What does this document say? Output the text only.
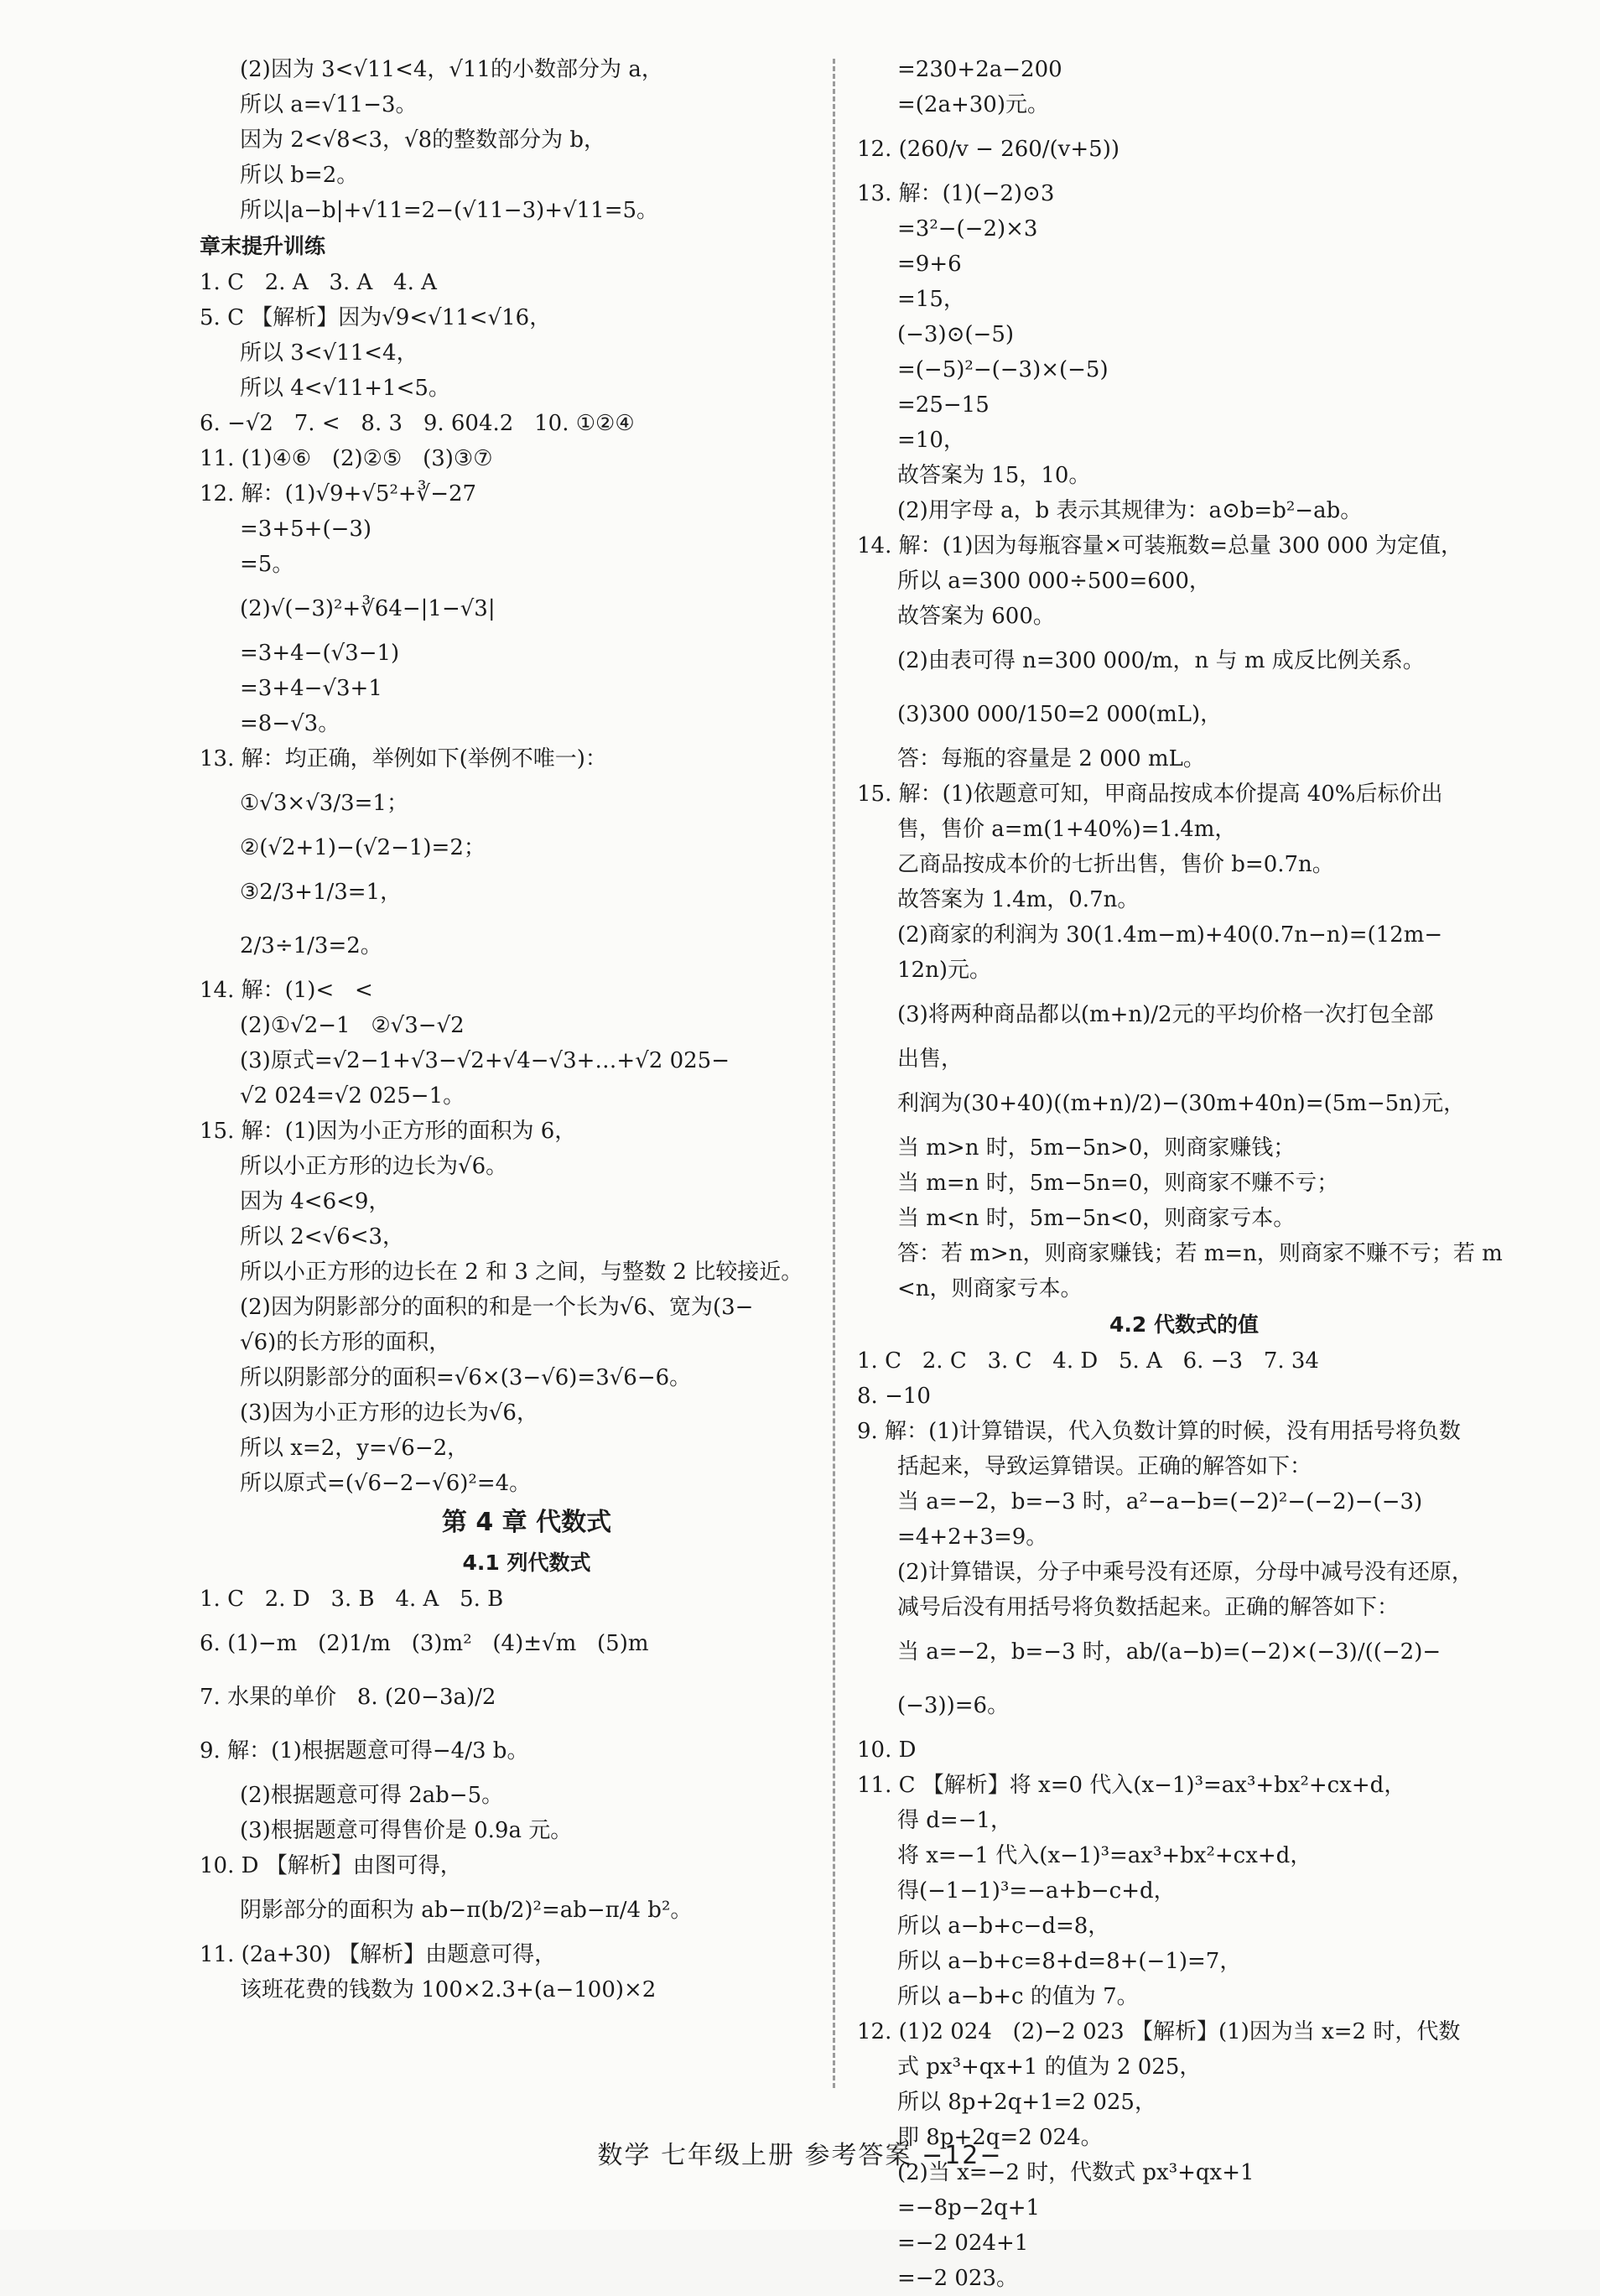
(2)因为 3<√11<4，√11的小数部分为 a，
所以 a=√11−3。
因为 2<√8<3，√8的整数部分为 b，
所以 b=2。
所以|a−b|+√11=2−(√11−3)+√11=5。
章末提升训练
1. C   2. A   3. A   4. A
5. C 【解析】因为√9<√11<√16，
所以 3<√11<4，
所以 4<√11+1<5。
6. −√2   7. <   8. 3   9. 604.2   10. ①②④
11. (1)④⑥   (2)②⑤   (3)③⑦
12. 解：(1)√9+√5²+∛−27
=3+5+(−3)
=5。
(2)√(−3)²+∛64−|1−√3|
=3+4−(√3−1)
=3+4−√3+1
=8−√3。
13. 解：均正确，举例如下(举例不唯一)：
①√3×√3/3=1；
②(√2+1)−(√2−1)=2；
③2/3+1/3=1，
2/3÷1/3=2。
14. 解：(1)<   <
(2)①√2−1   ②√3−√2
(3)原式=√2−1+√3−√2+√4−√3+…+√2 025−
√2 024=√2 025−1。
15. 解：(1)因为小正方形的面积为 6，
所以小正方形的边长为√6。
因为 4<6<9，
所以 2<√6<3，
所以小正方形的边长在 2 和 3 之间，与整数 2 比较接近。
(2)因为阴影部分的面积的和是一个长为√6、宽为(3−
√6)的长方形的面积，
所以阴影部分的面积=√6×(3−√6)=3√6−6。
(3)因为小正方形的边长为√6，
所以 x=2，y=√6−2，
所以原式=(√6−2−√6)²=4。
第 4 章 代数式
4.1 列代数式
1. C   2. D   3. B   4. A   5. B
6. (1)−m   (2)1/m   (3)m²   (4)±√m   (5)m
7. 水果的单价   8. (20−3a)/2
9. 解：(1)根据题意可得−4/3 b。
(2)根据题意可得 2ab−5。
(3)根据题意可得售价是 0.9a 元。
10. D 【解析】由图可得，
阴影部分的面积为 ab−π(b/2)²=ab−π/4 b²。
11. (2a+30) 【解析】由题意可得，
该班花费的钱数为 100×2.3+(a−100)×2
=230+2a−200
=(2a+30)元。
12. (260/v − 260/(v+5))
13. 解：(1)(−2)⊙3
=3²−(−2)×3
=9+6
=15，
(−3)⊙(−5)
=(−5)²−(−3)×(−5)
=25−15
=10，
故答案为 15，10。
(2)用字母 a，b 表示其规律为：a⊙b=b²−ab。
14. 解：(1)因为每瓶容量×可装瓶数=总量 300 000 为定值，
所以 a=300 000÷500=600，
故答案为 600。
(2)由表可得 n=300 000/m，n 与 m 成反比例关系。
(3)300 000/150=2 000(mL)，
答：每瓶的容量是 2 000 mL。
15. 解：(1)依题意可知，甲商品按成本价提高 40%后标价出
售，售价 a=m(1+40%)=1.4m，
乙商品按成本价的七折出售，售价 b=0.7n。
故答案为 1.4m，0.7n。
(2)商家的利润为 30(1.4m−m)+40(0.7n−n)=(12m−
12n)元。
(3)将两种商品都以(m+n)/2元的平均价格一次打包全部
出售，
利润为(30+40)((m+n)/2)−(30m+40n)=(5m−5n)元，
当 m>n 时，5m−5n>0，则商家赚钱；
当 m=n 时，5m−5n=0，则商家不赚不亏；
当 m<n 时，5m−5n<0，则商家亏本。
答：若 m>n，则商家赚钱；若 m=n，则商家不赚不亏；若 m
<n，则商家亏本。
4.2 代数式的值
1. C   2. C   3. C   4. D   5. A   6. −3   7. 34
8. −10
9. 解：(1)计算错误，代入负数计算的时候，没有用括号将负数
括起来，导致运算错误。正确的解答如下：
当 a=−2，b=−3 时，a²−a−b=(−2)²−(−2)−(−3)
=4+2+3=9。
(2)计算错误，分子中乘号没有还原，分母中减号没有还原，
减号后没有用括号将负数括起来。正确的解答如下：
当 a=−2，b=−3 时，ab/(a−b)=(−2)×(−3)/((−2)−(−3))=6。
10. D
11. C 【解析】将 x=0 代入(x−1)³=ax³+bx²+cx+d，
得 d=−1，
将 x=−1 代入(x−1)³=ax³+bx²+cx+d，
得(−1−1)³=−a+b−c+d，
所以 a−b+c−d=8，
所以 a−b+c=8+d=8+(−1)=7，
所以 a−b+c 的值为 7。
12. (1)2 024   (2)−2 023 【解析】(1)因为当 x=2 时，代数
式 px³+qx+1 的值为 2 025，
所以 8p+2q+1=2 025，
即 8p+2q=2 024。
(2)当 x=−2 时，代数式 px³+qx+1
=−8p−2q+1
=−2 024+1
=−2 023。
数学 七年级上册 参考答案 −12−
